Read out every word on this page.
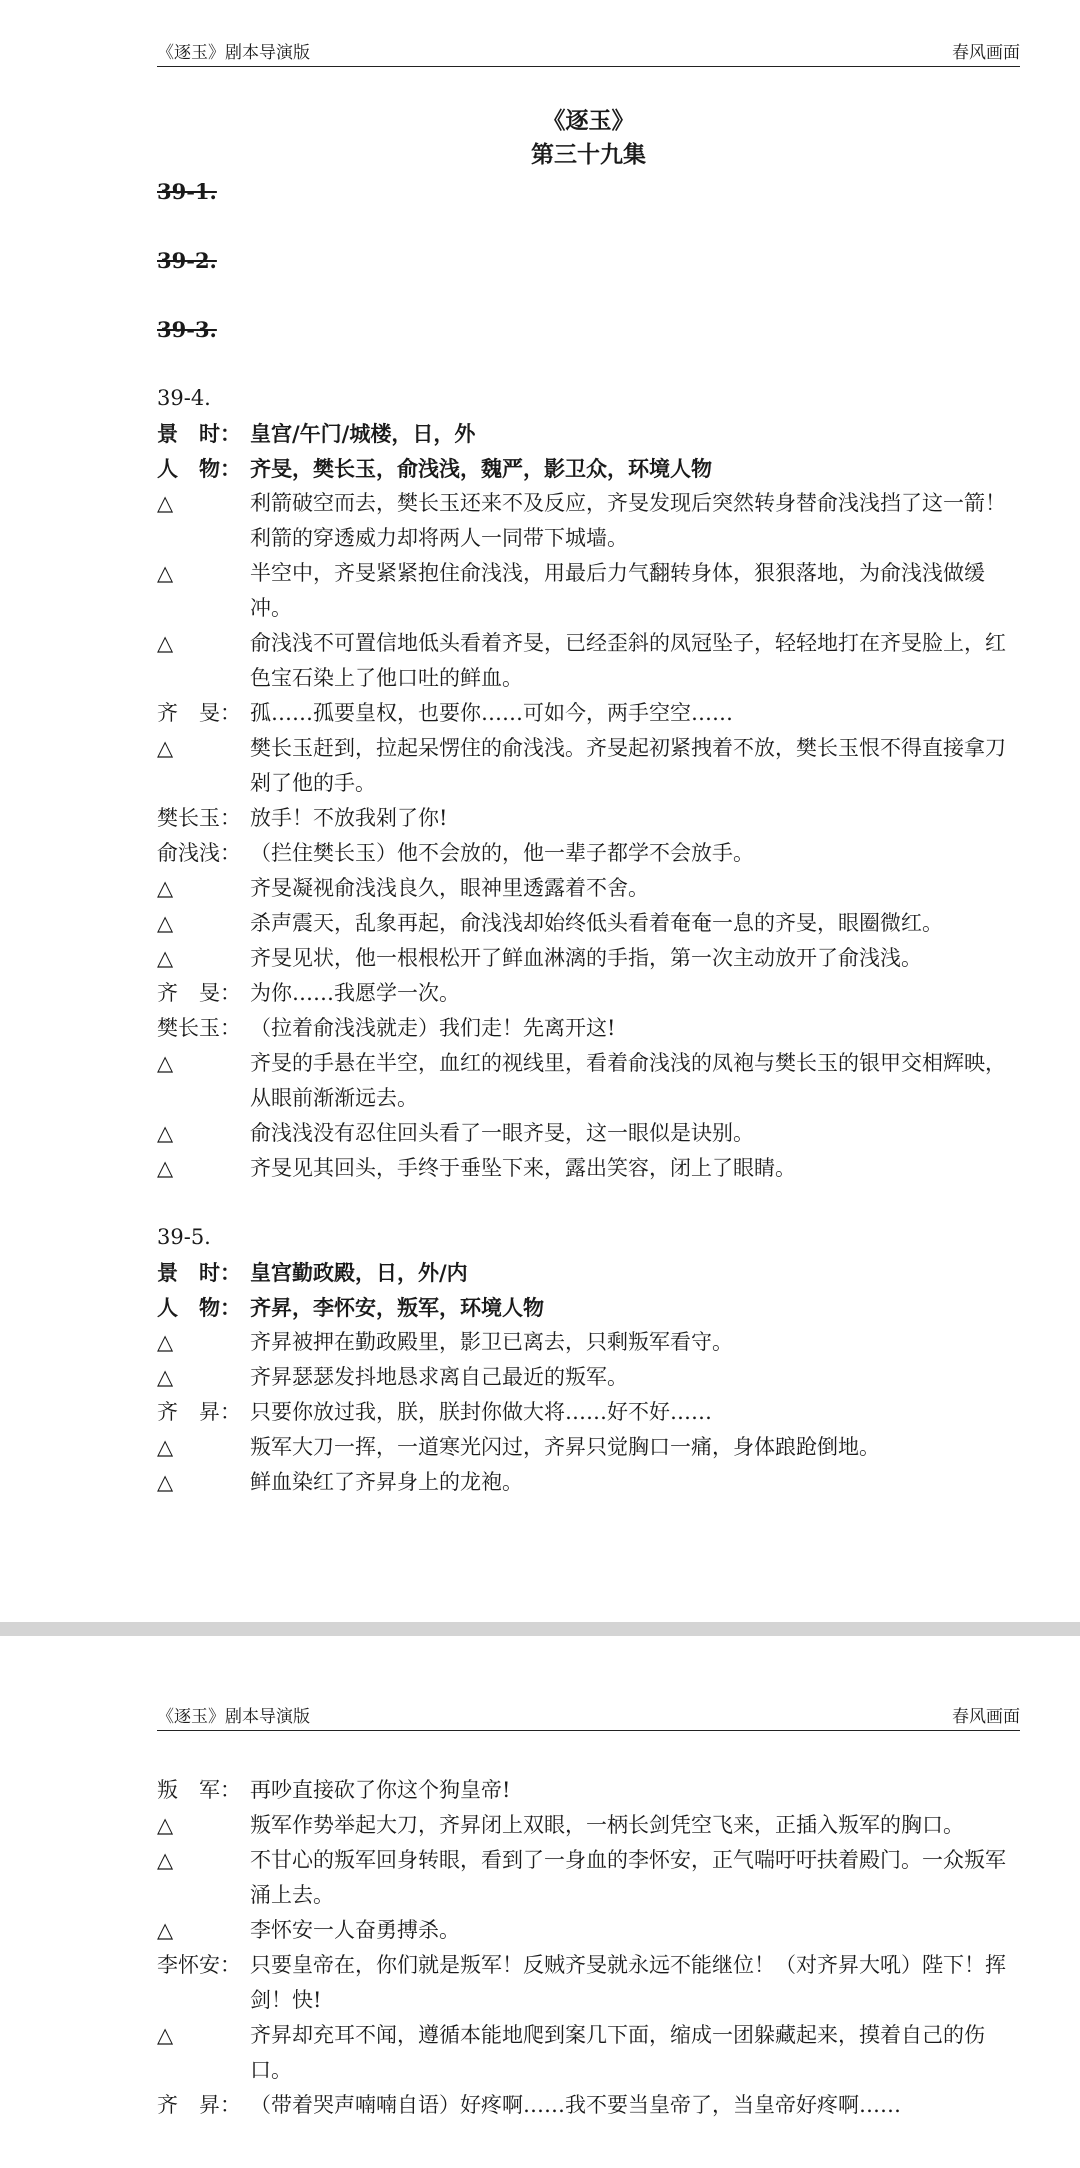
《逐玉》剧本导演版	春风画面
《逐玉》
第三十九集
39-1.
39-2.
39-3.
39-4.
景　时： 皇宫/午门/城楼，日，外
人　物： 齐旻，樊长玉，俞浅浅，魏严，影卫众，环境人物
△	利箭破空而去，樊长玉还来不及反应，齐旻发现后突然转身替俞浅浅挡了这一箭！利箭的穿透威力却将两人一同带下城墙。
△	半空中，齐旻紧紧抱住俞浅浅，用最后力气翻转身体，狠狠落地，为俞浅浅做缓冲。
△	俞浅浅不可置信地低头看着齐旻，已经歪斜的凤冠坠子，轻轻地打在齐旻脸上，红色宝石染上了他口吐的鲜血。
齐　旻： 孤……孤要皇权，也要你……可如今，两手空空……
△	樊长玉赶到，拉起呆愣住的俞浅浅。齐旻起初紧拽着不放，樊长玉恨不得直接拿刀剁了他的手。
樊长玉： 放手！不放我剁了你!
俞浅浅： （拦住樊长玉）他不会放的，他一辈子都学不会放手。
△	齐旻凝视俞浅浅良久，眼神里透露着不舍。
△	杀声震天，乱象再起，俞浅浅却始终低头看着奄奄一息的齐旻，眼圈微红。
△	齐旻见状，他一根根松开了鲜血淋漓的手指，第一次主动放开了俞浅浅。
齐　旻： 为你……我愿学一次。
樊长玉： （拉着俞浅浅就走）我们走！先离开这!
△	齐旻的手悬在半空，血红的视线里，看着俞浅浅的凤袍与樊长玉的银甲交相辉映，从眼前渐渐远去。
△	俞浅浅没有忍住回头看了一眼齐旻，这一眼似是诀别。
△	齐旻见其回头，手终于垂坠下来，露出笑容，闭上了眼睛。
39-5.
景　时： 皇宫勤政殿，日，外/内
人　物： 齐昇，李怀安，叛军，环境人物
△	齐昇被押在勤政殿里，影卫已离去，只剩叛军看守。
△	齐昇瑟瑟发抖地恳求离自己最近的叛军。
齐　昇： 只要你放过我，朕，朕封你做大将……好不好……
△	叛军大刀一挥，一道寒光闪过，齐昇只觉胸口一痛，身体踉跄倒地。
△	鲜血染红了齐昇身上的龙袍。
《逐玉》剧本导演版	春风画面
叛　军： 再吵直接砍了你这个狗皇帝!
△	叛军作势举起大刀，齐昇闭上双眼，一柄长剑凭空飞来，正插入叛军的胸口。
△	不甘心的叛军回身转眼，看到了一身血的李怀安，正气喘吁吁扶着殿门。一众叛军涌上去。
△	李怀安一人奋勇搏杀。
李怀安： 只要皇帝在，你们就是叛军！反贼齐旻就永远不能继位！（对齐昇大吼）陛下！挥剑！快!
△	齐昇却充耳不闻，遵循本能地爬到案几下面，缩成一团躲藏起来，摸着自己的伤口。
齐　昇： （带着哭声喃喃自语）好疼啊……我不要当皇帝了，当皇帝好疼啊……
